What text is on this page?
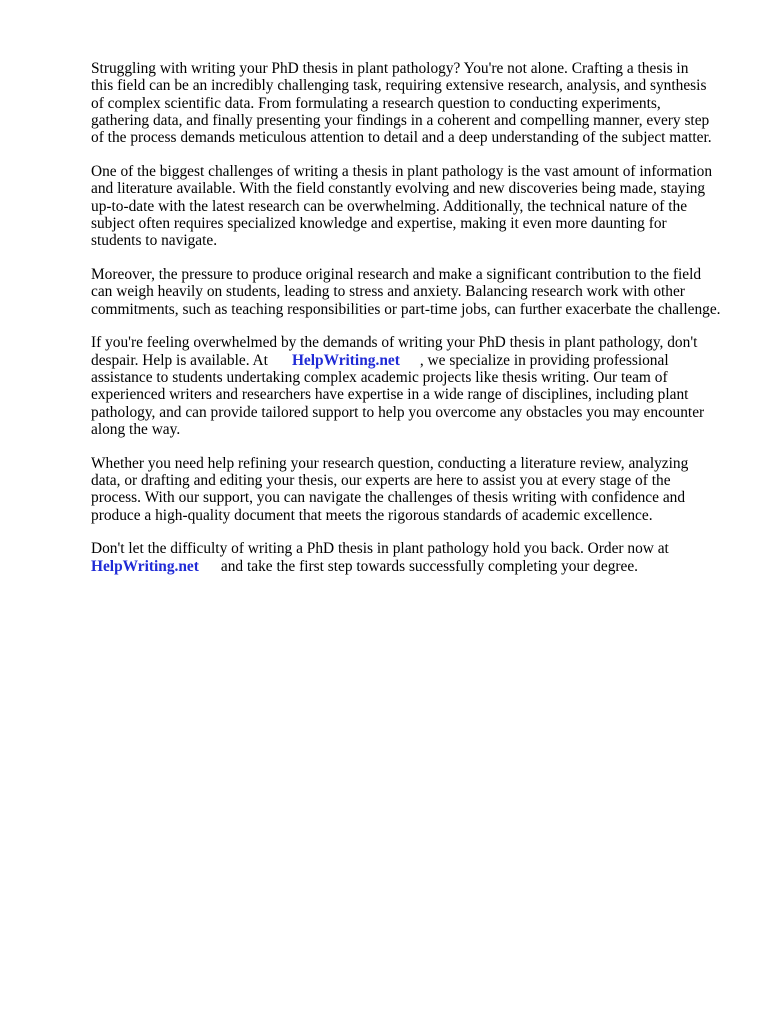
Struggling with writing your PhD thesis in plant pathology? You're not alone. Crafting a thesis in
this field can be an incredibly challenging task, requiring extensive research, analysis, and synthesis
of complex scientific data. From formulating a research question to conducting experiments,
gathering data, and finally presenting your findings in a coherent and compelling manner, every step
of the process demands meticulous attention to detail and a deep understanding of the subject matter.

One of the biggest challenges of writing a thesis in plant pathology is the vast amount of information
and literature available. With the field constantly evolving and new discoveries being made, staying
up-to-date with the latest research can be overwhelming. Additionally, the technical nature of the
subject often requires specialized knowledge and expertise, making it even more daunting for
students to navigate.

Moreover, the pressure to produce original research and make a significant contribution to the field
can weigh heavily on students, leading to stress and anxiety. Balancing research work with other
commitments, such as teaching responsibilities or part-time jobs, can further exacerbate the challenge.

If you're feeling overwhelmed by the demands of writing your PhD thesis in plant pathology, don't
despair. Help is available. At HelpWriting.net , we specialize in providing professional
assistance to students undertaking complex academic projects like thesis writing. Our team of
experienced writers and researchers have expertise in a wide range of disciplines, including plant
pathology, and can provide tailored support to help you overcome any obstacles you may encounter
along the way.

Whether you need help refining your research question, conducting a literature review, analyzing
data, or drafting and editing your thesis, our experts are here to assist you at every stage of the
process. With our support, you can navigate the challenges of thesis writing with confidence and
produce a high-quality document that meets the rigorous standards of academic excellence.

Don't let the difficulty of writing a PhD thesis in plant pathology hold you back. Order now at
HelpWriting.net and take the first step towards successfully completing your degree.
